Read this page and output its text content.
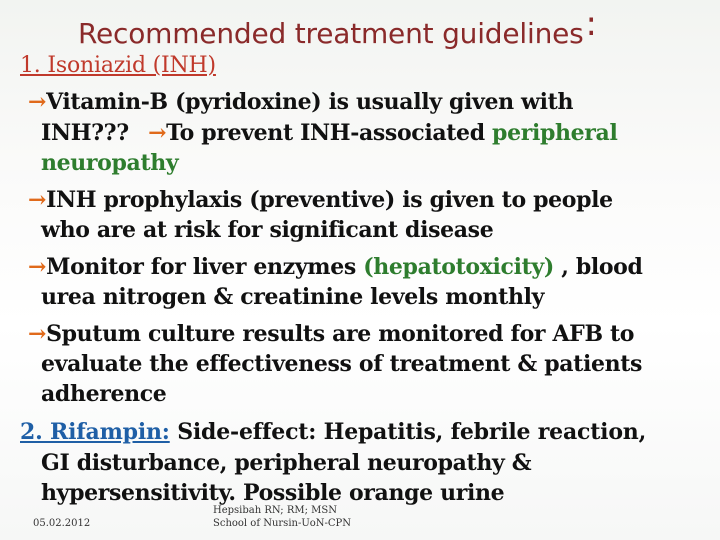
Recommended treatment guidelines:
1. Isoniazid (INH)
→Vitamin-B (pyridoxine) is usually given with
INH??? →To prevent INH-associated peripheral
neuropathy
→INH prophylaxis (preventive) is given to people
who are at risk for significant disease
→Monitor for liver enzymes (hepatotoxicity) , blood
urea nitrogen & creatinine levels monthly
→Sputum culture results are monitored for AFB to
evaluate the effectiveness of treatment & patients
adherence
2. Rifampin: Side-effect: Hepatitis, febrile reaction,
GI disturbance, peripheral neuropathy &
hypersensitivity. Possible orange urine
05.02.2012
Hepsibah RN; RM; MSN
School of Nursin-UoN-CPN
